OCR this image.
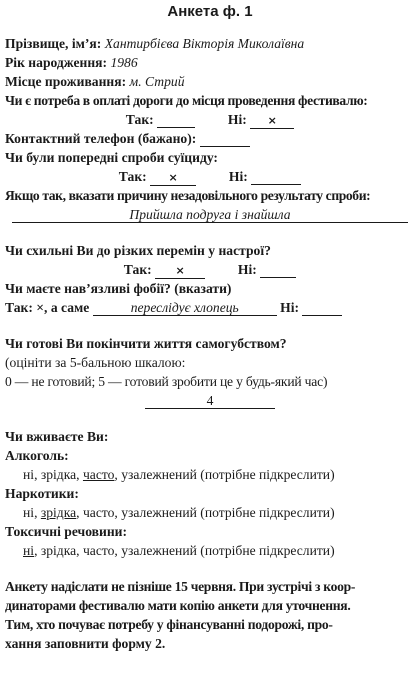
Анкета ф. 1
Прізвище, ім’я: Хантирбієва Вікторія Миколаївна
Рік народження: 1986
Місце проживання: м. Стрий
Чи є потреба в оплаті дороги до місця проведення фестивалю:
Так:	Ні: ×
Контактний телефон (бажано):
Чи були попередні спроби суїциду:
Так: ×	Ні:
Якщо так, вказати причину незадовільного результату спроби:
Прийшла подруга і знайшла
Чи схильні Ви до різких перемін у настрої?
Так: ×	Ні:
Чи маєте нав’язливі фобії? (вказати)
Так: ×, а саме	переслідує хлопець	Ні:
Чи готові Ви покінчити життя самогубством?
(оцініти за 5-бальною шкалою:
0 — не готовий; 5 — готовий зробити це у будь-який час)
4
Чи вживаєте Ви:
Алкоголь:
ні, зрідка, часто, узалежнений (потрібне підкреслити)
Наркотики:
ні, зрідка, часто, узалежнений (потрібне підкреслити)
Токсичні речовини:
ні, зрідка, часто, узалежнений (потрібне підкреслити)
Анкету надіслати не пізніше 15 червня. При зустрічі з коор-
динаторами фестивалю мати копію анкети для уточнення.
Тим, хто почуває потребу у фінансуванні подорожі, про-
хання заповнити форму 2.
